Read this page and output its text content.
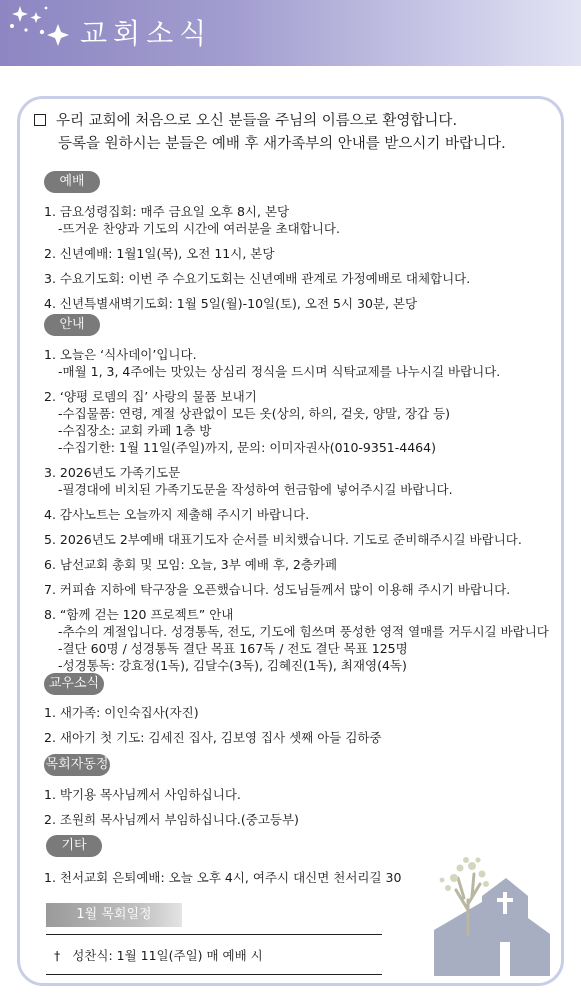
교회소식
우리 교회에 처음으로 오신 분들을 주님의 이름으로 환영합니다.
등록을 원하시는 분들은 예배 후 새가족부의 안내를 받으시기 바랍니다.
예배
1. 금요성령집회: 매주 금요일 오후 8시, 본당
-뜨거운 찬양과 기도의 시간에 여러분을 초대합니다.
2. 신년예배: 1월1일(목), 오전 11시, 본당
3. 수요기도회: 이번 주 수요기도회는 신년예배 관계로 가정예배로 대체합니다.
4. 신년특별새벽기도회: 1월 5일(월)-10일(토), 오전 5시 30분, 본당
안내
1. 오늘은 ‘식사데이’입니다.
-매월 1, 3, 4주에는 맛있는 상심리 정식을 드시며 식탁교제를 나누시길 바랍니다.
2. ‘양평 로뎀의 집’ 사랑의 물품 보내기
-수집물품: 연령, 계절 상관없이 모든 옷(상의, 하의, 겉옷, 양말, 장갑 등)
-수집장소: 교회 카페 1층 방
-수집기한: 1월 11일(주일)까지, 문의: 이미자권사(010-9351-4464)
3. 2026년도 가족기도문
-필경대에 비치된 가족기도문을 작성하여 헌금함에 넣어주시길 바랍니다.
4. 감사노트는 오늘까지 제출해 주시기 바랍니다.
5. 2026년도 2부예배 대표기도자 순서를 비치했습니다. 기도로 준비해주시길 바랍니다.
6. 남선교회 총회 및 모임: 오늘, 3부 예배 후, 2층카페
7. 커피숍 지하에 탁구장을 오픈했습니다. 성도님들께서 많이 이용해 주시기 바랍니다.
8. “함께 걷는 120 프로젝트” 안내
-추수의 계절입니다. 성경통독, 전도, 기도에 힘쓰며 풍성한 영적 열매를 거두시길 바랍니다
-결단 60명 / 성경통독 결단 목표 167독 / 전도 결단 목표 125명
-성경통독: 강효정(1독), 김달수(3독), 김혜진(1독), 최재영(4독)
교우소식
1. 새가족: 이인숙집사(자진)
2. 새아기 첫 기도: 김세진 집사, 김보영 집사 셋째 아들 김하중
목회자동정
1. 박기용 목사님께서 사임하십니다.
2. 조원희 목사님께서 부임하십니다.(중고등부)
기타
1. 천서교회 은퇴예배: 오늘 오후 4시, 여주시 대신면 천서리길 30
1월 목회일정
† 성찬식: 1월 11일(주일) 매 예배 시
